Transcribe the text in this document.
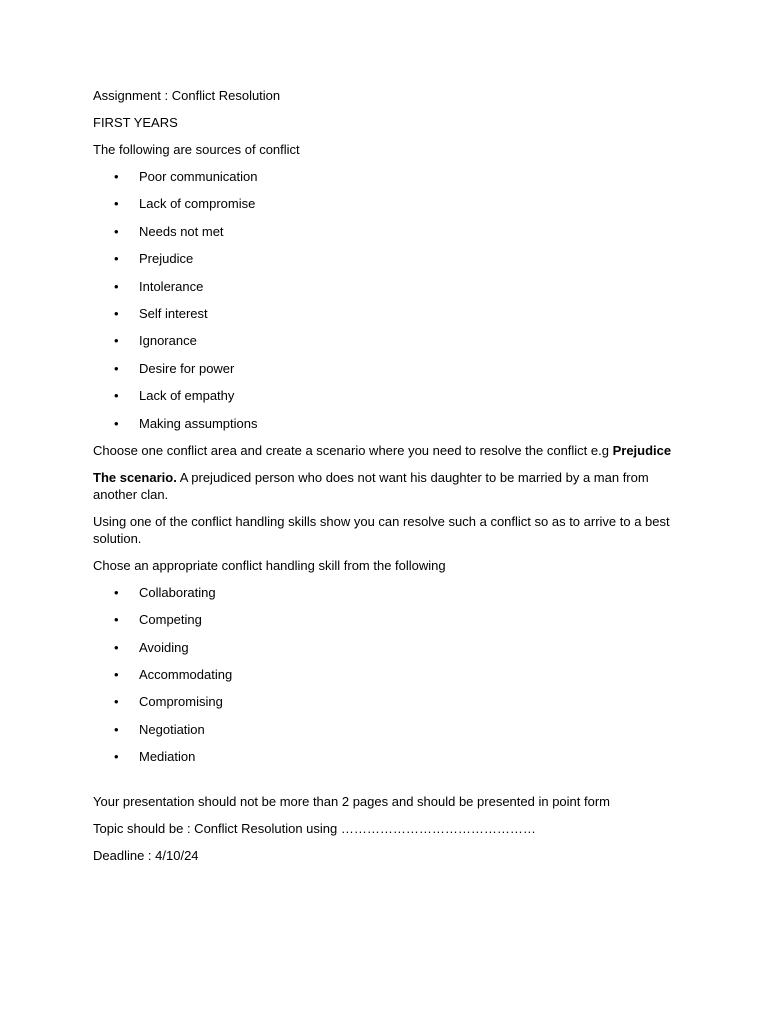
Assignment : Conflict Resolution

FIRST YEARS

The following are sources of conflict

• Poor communication
• Lack of compromise
• Needs not met
• Prejudice
• Intolerance
• Self interest
• Ignorance
• Desire for power
• Lack of empathy
• Making assumptions

Choose one conflict area and create a scenario where you need to resolve the conflict e.g Prejudice

The scenario. A prejudiced person who does not want his daughter to be married by a man from another clan.

Using one of the conflict handling skills show you can resolve such a conflict so as to arrive to a best solution.

Chose an appropriate conflict handling skill from the following

• Collaborating
• Competing
• Avoiding
• Accommodating
• Compromising
• Negotiation
• Mediation

Your presentation should not be more than 2 pages and should be presented in point form

Topic should be : Conflict Resolution using ………………………………………

Deadline : 4/10/24
